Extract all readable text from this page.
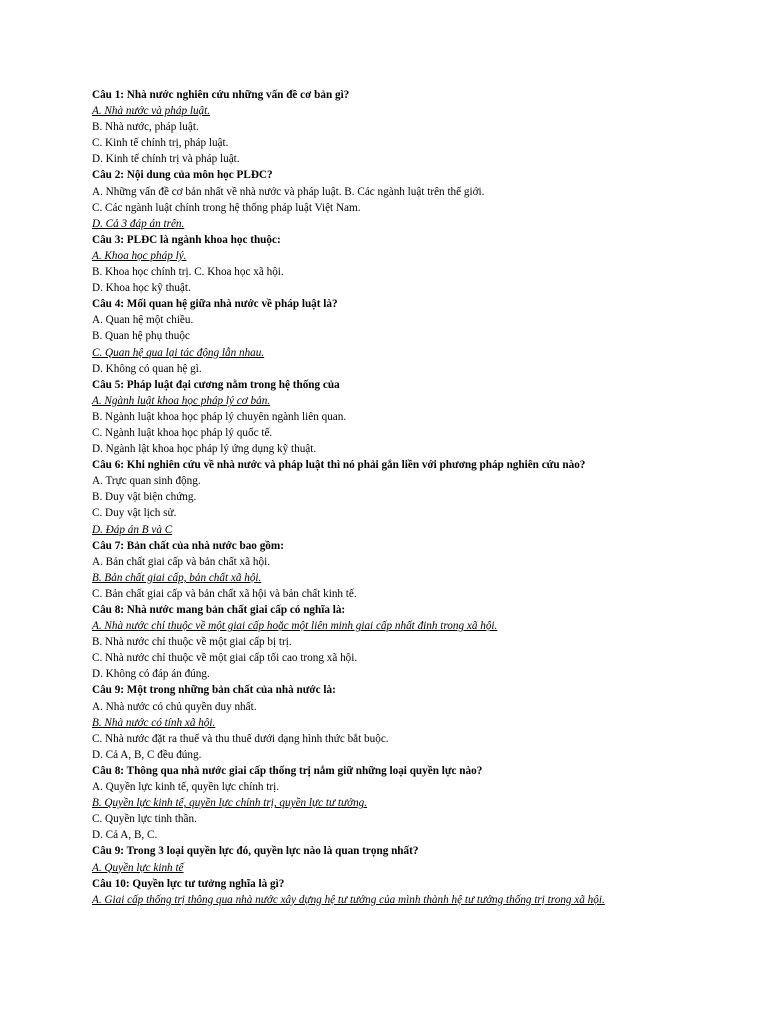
Câu 1: Nhà nước nghiên cứu những vấn đề cơ bản gì?
A. Nhà nước và pháp luật.
B. Nhà nước, pháp luật.
C. Kinh tế chính trị, pháp luật.
D. Kinh tế chính trị và pháp luật.
Câu 2: Nội dung của môn học PLĐC?
A. Những vấn đề cơ bản nhất về nhà nước và pháp luật. B. Các ngành luật trên thế giới.
C. Các ngành luật chính trong hệ thống pháp luật Việt Nam.
D. Cả 3 đáp án trên.
Câu 3: PLĐC là ngành khoa học thuộc:
A. Khoa học pháp lý.
B. Khoa học chính trị. C. Khoa học xã hội.
D. Khoa học kỹ thuật.
Câu 4: Mối quan hệ giữa nhà nước về pháp luật là?
A. Quan hệ một chiều.
B. Quan hệ phụ thuộc
C. Quan hệ qua lại tác động lẫn nhau.
D. Không có quan hệ gì.
Câu 5: Pháp luật đại cương nằm trong hệ thống của
A. Ngành luật khoa học pháp lý cơ bản.
B. Ngành luật khoa học pháp lý chuyên ngành liên quan.
C. Ngành luật khoa học pháp lý quốc tế.
D. Ngành lật khoa học pháp lý ứng dụng kỹ thuật.
Câu 6: Khi nghiên cứu về nhà nước và pháp luật thì nó phải gắn liền với phương pháp nghiên cứu nào?
A. Trực quan sinh động.
B. Duy vật biện chứng.
C. Duy vật lịch sử.
D. Đáp án B và C
Câu 7: Bản chất của nhà nước bao gồm:
A. Bản chất giai cấp và bản chất xã hội.
B. Bản chất giai cấp, bản chất xã hội.
C. Bản chất giai cấp và bản chất xã hội và bản chất kinh tế.
Câu 8: Nhà nước mang bản chất giai cấp có nghĩa là:
A. Nhà nước chỉ thuộc về một giai cấp hoặc một liên minh giai cấp nhất đinh trong xã hội.
B. Nhà nước chỉ thuộc về một giai cấp bị trị.
C. Nhà nước chỉ thuộc về một giai cấp tối cao trong xã hội.
D. Không có đáp án đúng.
Câu 9: Một trong những bản chất của nhà nước là:
A. Nhà nước có chủ quyền duy nhất.
B. Nhà nước có tính xã hội.
C. Nhà nước đặt ra thuế và thu thuế dưới dạng hình thức bắt buộc.
D. Cả A, B, C đều đúng.
Câu 8: Thông qua nhà nước giai cấp thống trị nắm giữ những loại quyền lực nào?
A. Quyền lực kinh tế, quyền lực chính trị.
B. Quyền lực kinh tế, quyền lực chính trị, quyền lực tư tưởng.
C. Quyền lực tinh thần.
D. Cả A, B, C.
Câu 9: Trong 3 loại quyền lực đó, quyền lực nào là quan trọng nhất?
A. Quyền lực kinh tế
Câu 10: Quyền lực tư tưởng nghĩa là gì?
A. Giai cấp thống trị thông qua nhà nước xây dựng hệ tư tưởng của mình thành hệ tư tưởng thống trị trong xã hội.
